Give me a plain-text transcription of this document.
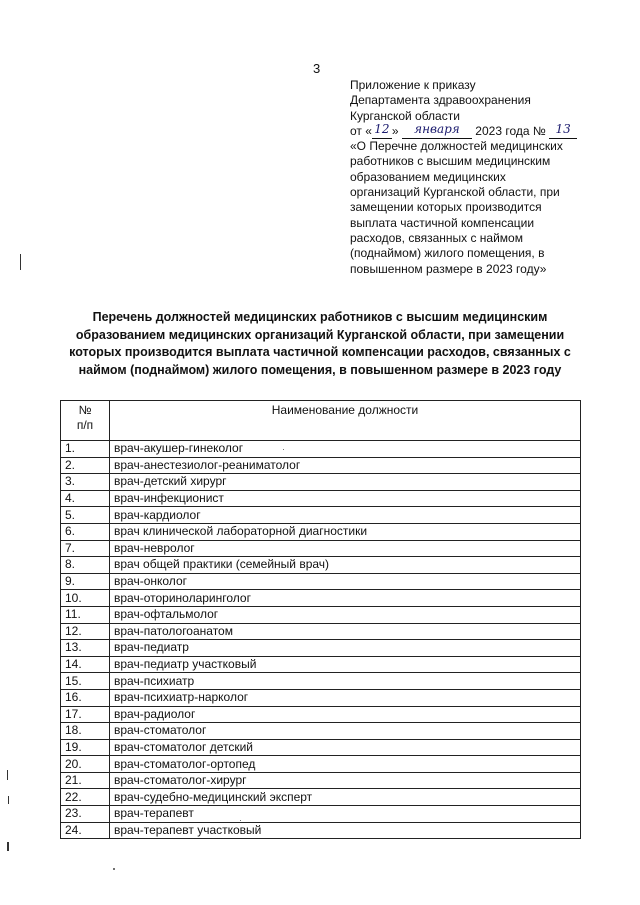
3
Приложение к приказу
Департамента здравоохранения
Курганской области
от « 12 » января 2023 года № 13
«О Перечне должностей медицинских
работников с высшим медицинским
образованием медицинских
организаций Курганской области, при
замещении которых производится
выплата частичной компенсации
расходов, связанных с наймом
(поднаймом) жилого помещения, в
повышенном размере в 2023 году»
Перечень должностей медицинских работников с высшим медицинским
образованием медицинских организаций Курганской области, при замещении
которых производится выплата частичной компенсации расходов, связанных с
наймом (поднаймом) жилого помещения, в повышенном размере в 2023 году
№
п/п	Наименование должности
1.	врач-акушер-гинеколог
2.	врач-анестезиолог-реаниматолог
3.	врач-детский хирург
4.	врач-инфекционист
5.	врач-кардиолог
6.	врач клинической лабораторной диагностики
7.	врач-невролог
8.	врач общей практики (семейный врач)
9.	врач-онколог
10.	врач-оториноларинголог
11.	врач-офтальмолог
12.	врач-патологоанатом
13.	врач-педиатр
14.	врач-педиатр участковый
15.	врач-психиатр
16.	врач-психиатр-нарколог
17.	врач-радиолог
18.	врач-стоматолог
19.	врач-стоматолог детский
20.	врач-стоматолог-ортопед
21.	врач-стоматолог-хирург
22.	врач-судебно-медицинский эксперт
23.	врач-терапевт
24.	врач-терапевт участковый
